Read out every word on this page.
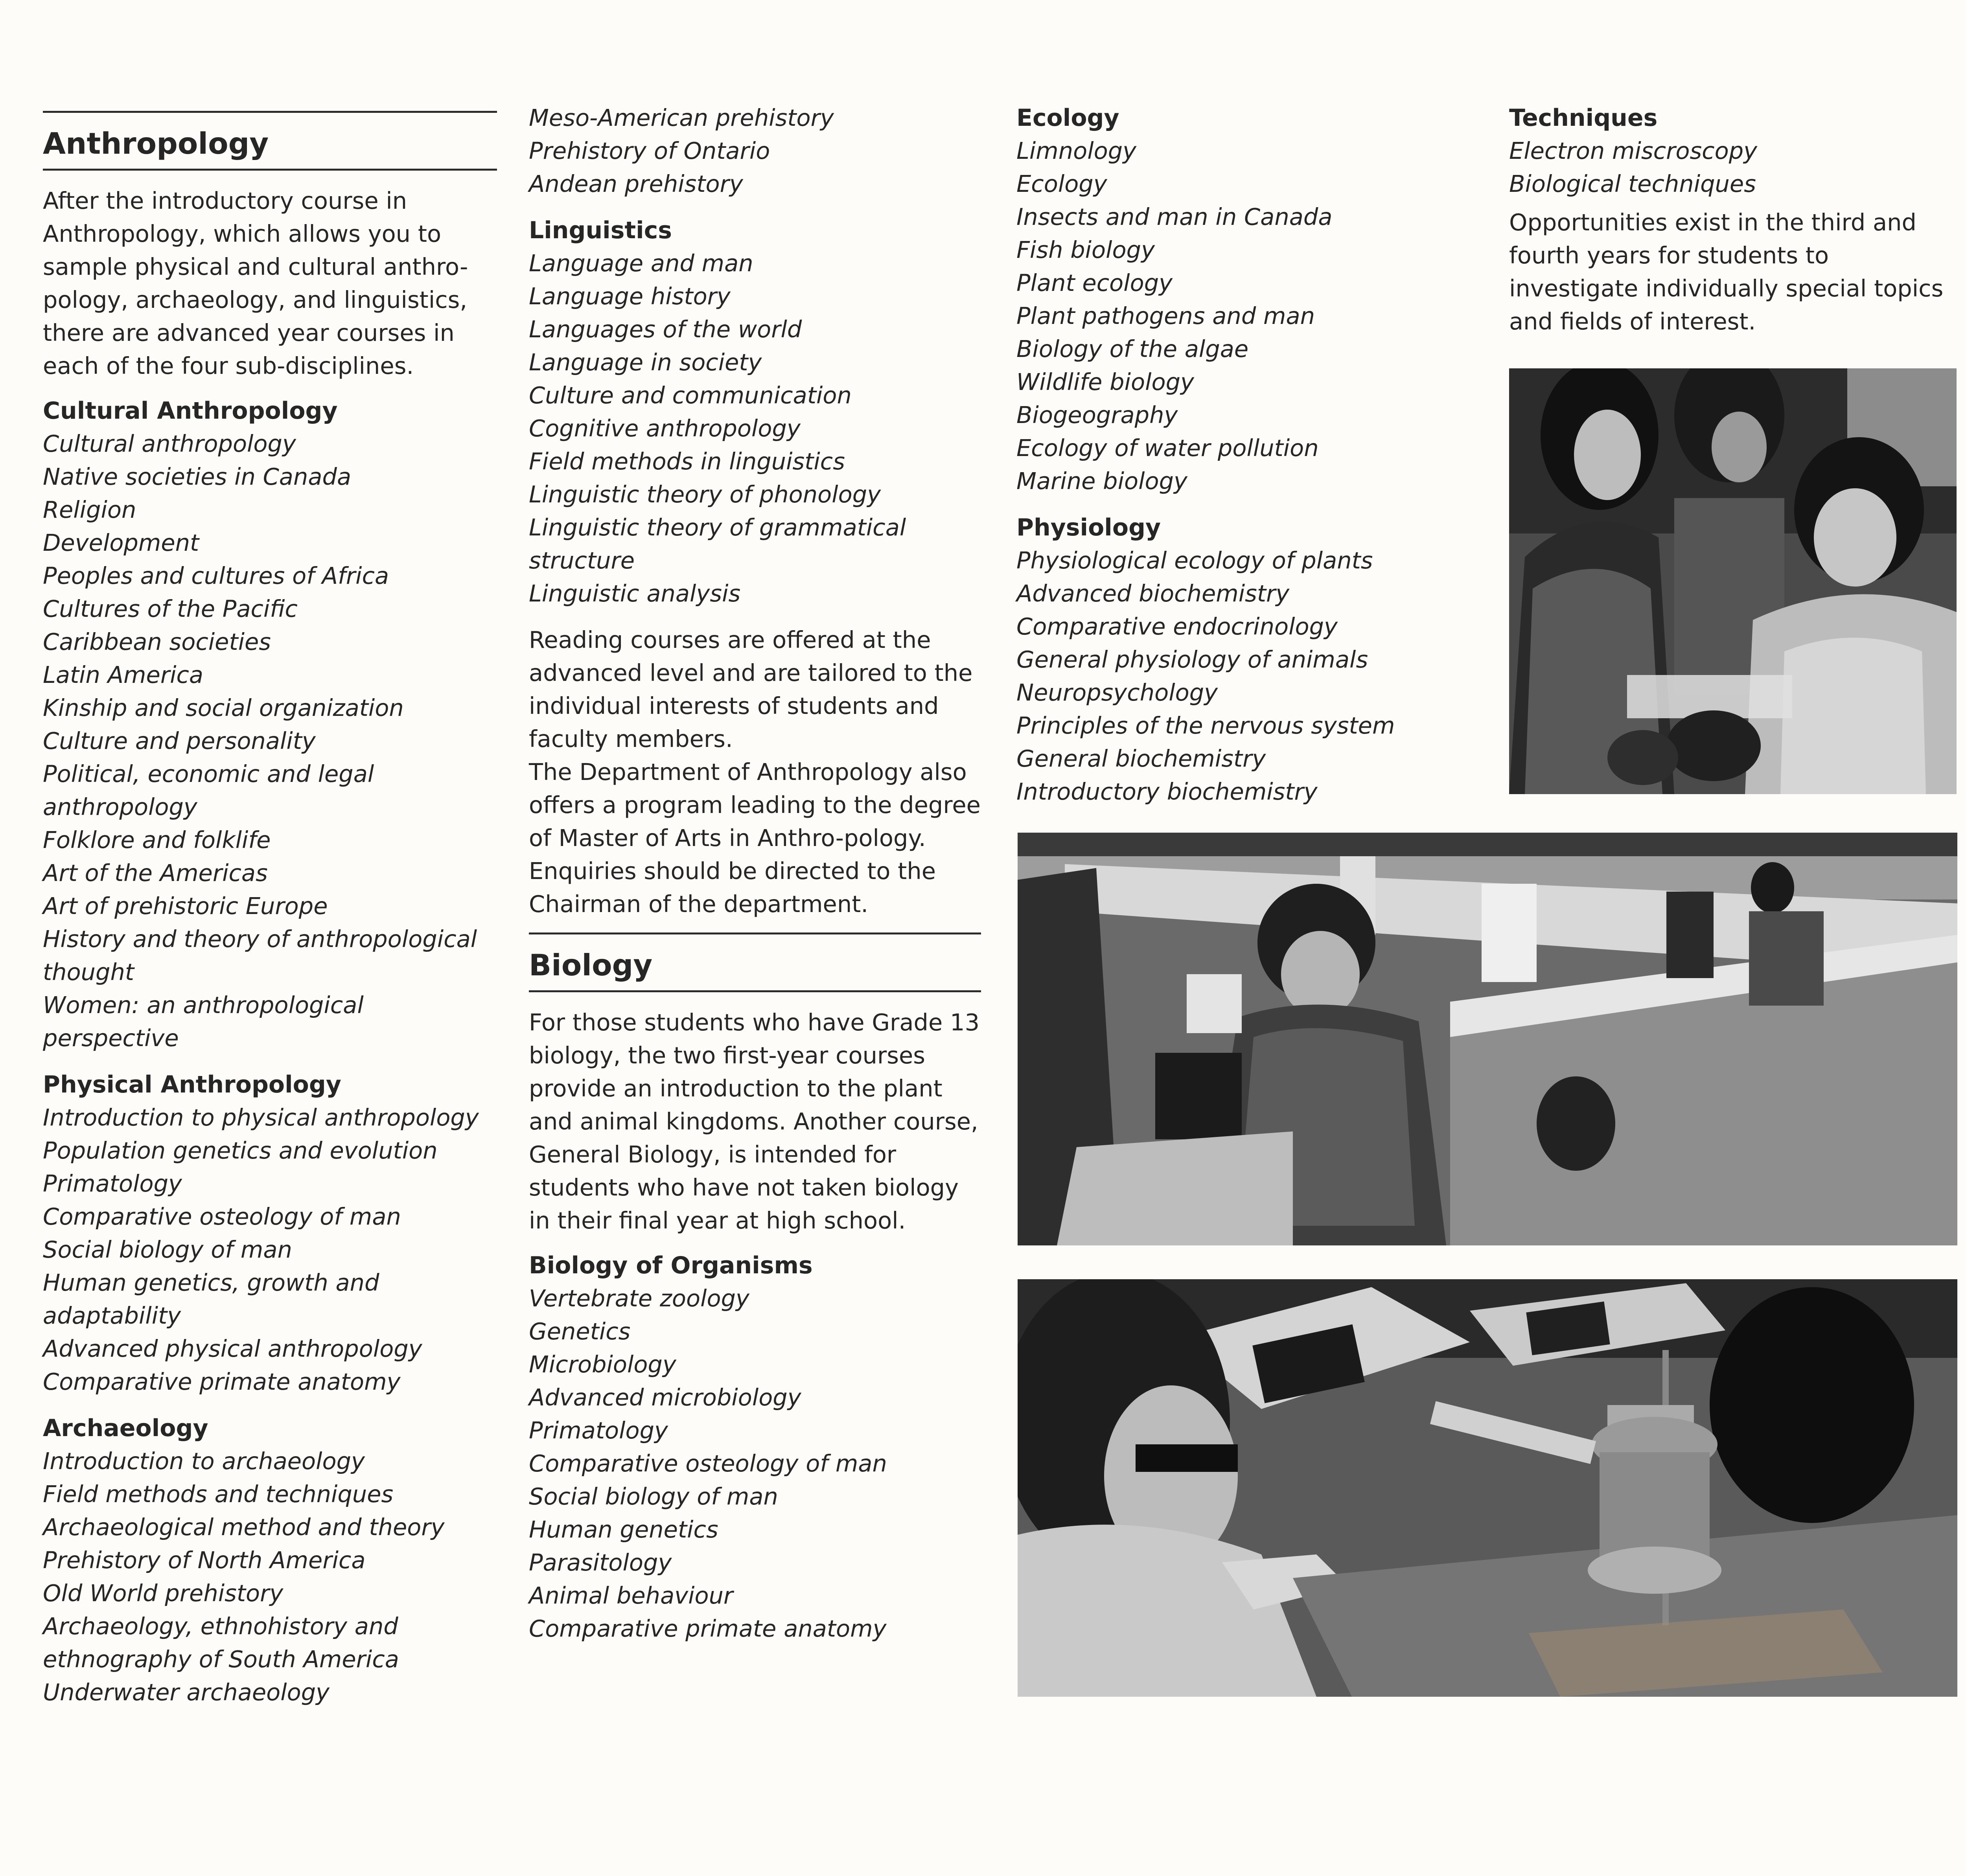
Anthropology

After the introductory course in Anthropology, which allows you to sample physical and cultural anthro-pology, archaeology, and linguistics, there are advanced year courses in each of the four sub-disciplines.

Cultural Anthropology
Cultural anthropology
Native societies in Canada
Religion
Development
Peoples and cultures of Africa
Cultures of the Pacific
Caribbean societies
Latin America
Kinship and social organization
Culture and personality
Political, economic and legal anthropology
Folklore and folklife
Art of the Americas
Art of prehistoric Europe
History and theory of anthropological thought
Women: an anthropological perspective
Physical Anthropology
Introduction to physical anthropology
Population genetics and evolution
Primatology
Comparative osteology of man
Social biology of man
Human genetics, growth and adaptability
Advanced physical anthropology
Comparative primate anatomy
Archaeology
Introduction to archaeology
Field methods and techniques
Archaeological method and theory
Prehistory of North America
Old World prehistory
Archaeology, ethnohistory and ethnography of South America
Underwater archaeology
Meso-American prehistory
Prehistory of Ontario
Andean prehistory
Linguistics
Language and man
Language history
Languages of the world
Language in society
Culture and communication
Cognitive anthropology
Field methods in linguistics
Linguistic theory of phonology
Linguistic theory of grammatical structure
Linguistic analysis

Reading courses are offered at the advanced level and are tailored to the individual interests of students and faculty members.

The Department of Anthropology also offers a program leading to the degree of Master of Arts in Anthro-pology. Enquiries should be directed to the Chairman of the department.

Biology

For those students who have Grade 13 biology, the two first-year courses provide an introduction to the plant and animal kingdoms. Another course, General Biology, is intended for students who have not taken biology in their final year at high school.

Biology of Organisms
Vertebrate zoology
Genetics
Microbiology
Advanced microbiology
Primatology
Comparative osteology of man
Social biology of man
Human genetics
Parasitology
Animal behaviour
Comparative primate anatomy
Ecology
Limnology
Ecology
Insects and man in Canada
Fish biology
Plant ecology
Plant pathogens and man
Biology of the algae
Wildlife biology
Biogeography
Ecology of water pollution
Marine biology
Physiology
Physiological ecology of plants
Advanced biochemistry
Comparative endocrinology
General physiology of animals
Neuropsychology
Principles of the nervous system
General biochemistry
Introductory biochemistry
Techniques
Electron miscroscopy
Biological techniques

Opportunities exist in the third and fourth years for students to investigate individually special topics and fields of interest.
